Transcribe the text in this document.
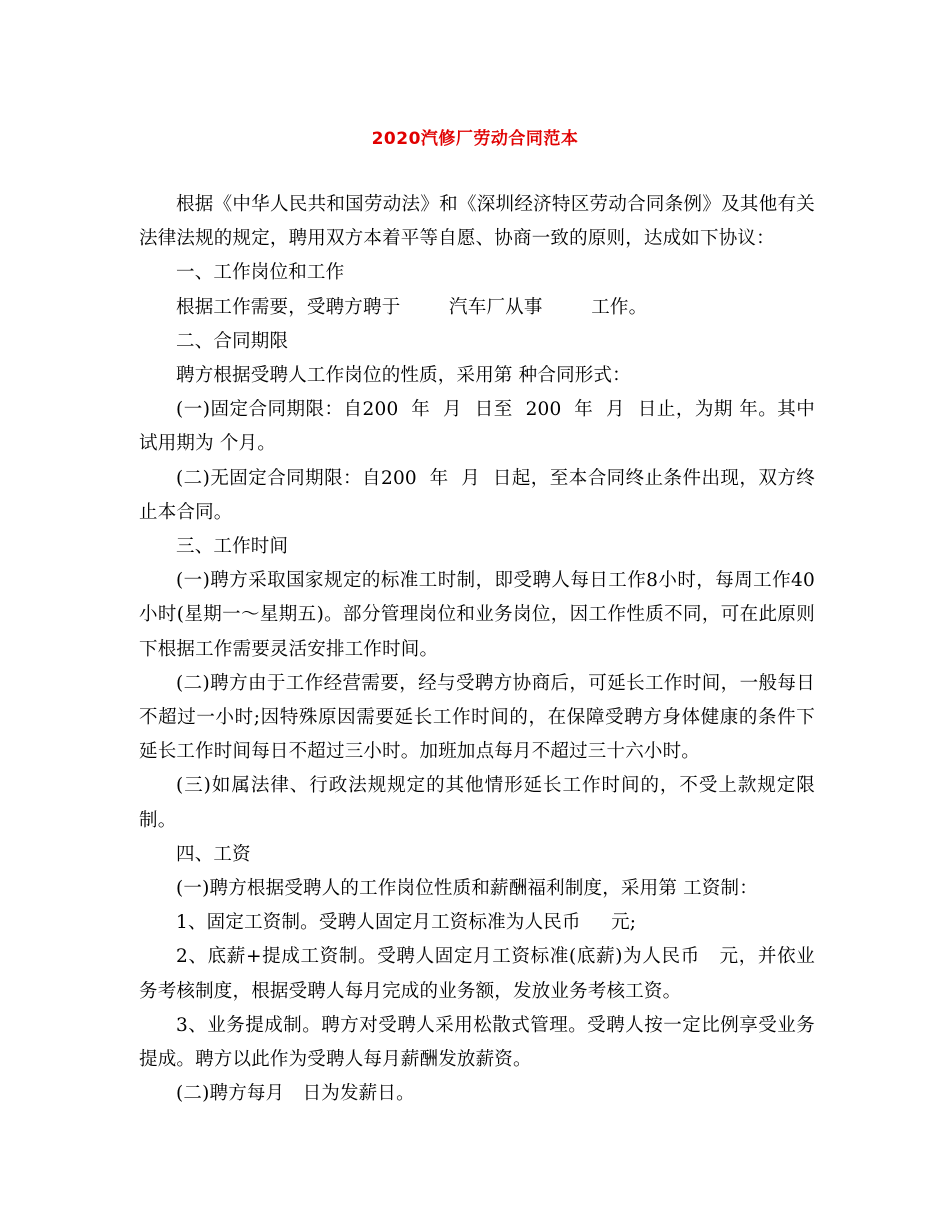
2020汽修厂劳动合同范本

根据《中华人民共和国劳动法》和《深圳经济特区劳动合同条例》及其他有关法律法规的规定，聘用双方本着平等自愿、协商一致的原则，达成如下协议：

一、工作岗位和工作

根据工作需要，受聘方聘于        汽车厂从事        工作。

二、合同期限

聘方根据受聘人工作岗位的性质，采用第 种合同形式：

(一)固定合同期限：自200  年  月  日至  200  年  月  日止，为期 年。其中试用期为 个月。

(二)无固定合同期限：自200  年  月  日起，至本合同终止条件出现，双方终止本合同。

三、工作时间

(一)聘方采取国家规定的标准工时制，即受聘人每日工作8小时，每周工作40小时(星期一～星期五)。部分管理岗位和业务岗位，因工作性质不同，可在此原则下根据工作需要灵活安排工作时间。

(二)聘方由于工作经营需要，经与受聘方协商后，可延长工作时间，一般每日不超过一小时;因特殊原因需要延长工作时间的，在保障受聘方身体健康的条件下延长工作时间每日不超过三小时。加班加点每月不超过三十六小时。

(三)如属法律、行政法规规定的其他情形延长工作时间的，不受上款规定限制。

四、工资

(一)聘方根据受聘人的工作岗位性质和薪酬福利制度，采用第 工资制：

1、固定工资制。受聘人固定月工资标准为人民币     元;

2、底薪+提成工资制。受聘人固定月工资标准(底薪)为人民币   元，并依业务考核制度，根据受聘人每月完成的业务额，发放业务考核工资。

3、业务提成制。聘方对受聘人采用松散式管理。受聘人按一定比例享受业务提成。聘方以此作为受聘人每月薪酬发放薪资。

(二)聘方每月   日为发薪日。
